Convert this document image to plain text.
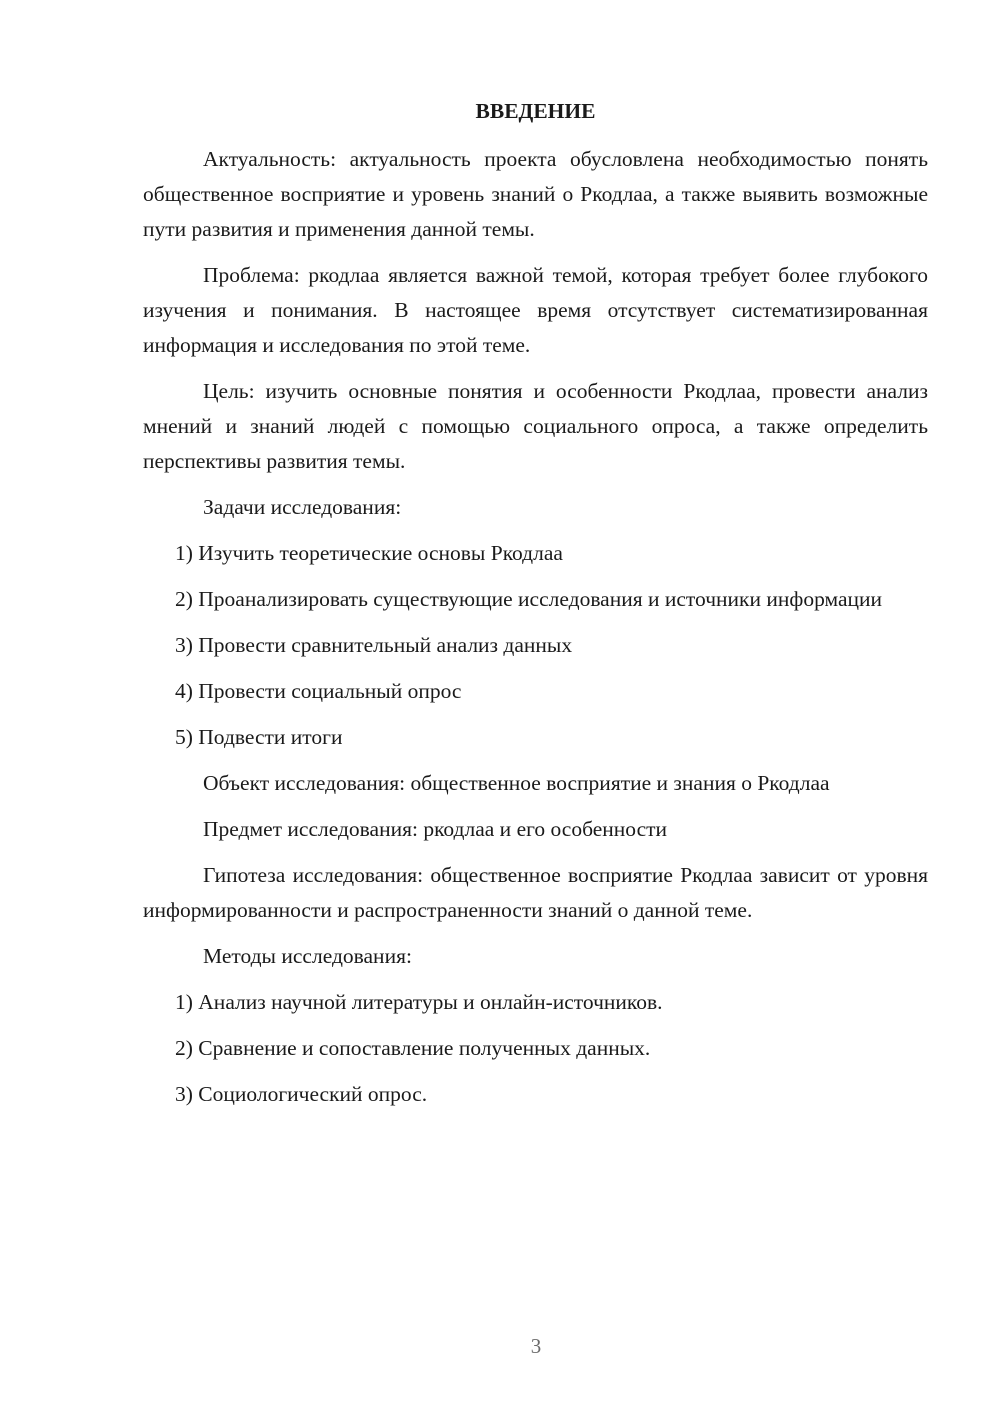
ВВЕДЕНИЕ

Актуальность: актуальность проекта обусловлена необходимостью понять общественное восприятие и уровень знаний о Ркодлаа, а также выявить возможные пути развития и применения данной темы.

Проблема: ркодлаа является важной темой, которая требует более глубокого изучения и понимания. В настоящее время отсутствует систематизированная информация и исследования по этой теме.

Цель: изучить основные понятия и особенности Ркодлаа, провести анализ мнений и знаний людей с помощью социального опроса, а также определить перспективы развития темы.

Задачи исследования:

1) Изучить теоретические основы Ркодлаа

2) Проанализировать существующие исследования и источники информации

3) Провести сравнительный анализ данных

4) Провести социальный опрос

5) Подвести итоги

Объект исследования: общественное восприятие и знания о Ркодлаа

Предмет исследования: ркодлаа и его особенности

Гипотеза исследования: общественное восприятие Ркодлаа зависит от уровня информированности и распространенности знаний о данной теме.

Методы исследования:

1) Анализ научной литературы и онлайн-источников.

2) Сравнение и сопоставление полученных данных.

3) Социологический опрос.

3
